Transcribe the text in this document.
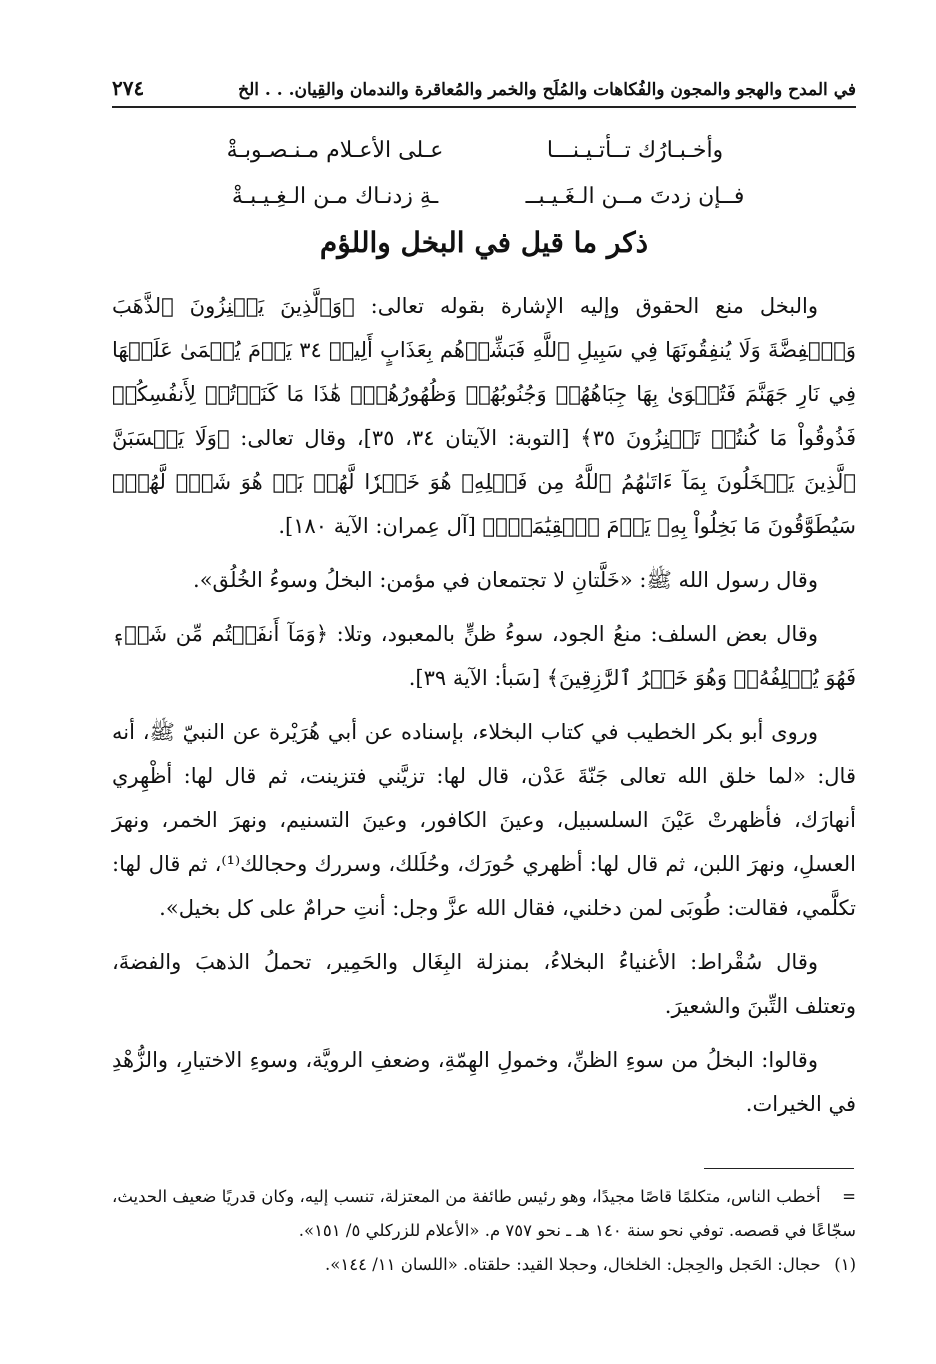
في المدح والهجو والمجون والفُكاهات والمُلَح والخمر والمُعاقرة والندمان والقِيان. . . الخ
٢٧٤
وأخـبـارُك تــأتـيـنـــا
عـلى الأعـلام مـنـصـوبـةْ
فــإن زدتَ مــن الـغَـيـبــ
ـةِ زدنـاك مـن الـغِـيـبـةْ
ذكر ما قيل في البخل واللؤم

والبخل منع الحقوق وإليه الإشارة بقوله تعالى: ﴿وَٱلَّذِينَ يَكۡنِزُونَ ٱلذَّهَبَ وَٱلۡفِضَّةَ وَلَا يُنفِقُونَهَا فِي سَبِيلِ ٱللَّهِ فَبَشِّرۡهُم بِعَذَابٍ أَلِيمٖ ٣٤ يَوۡمَ يُحۡمَىٰ عَلَيۡهَا فِي نَارِ جَهَنَّمَ فَتُكۡوَىٰ بِهَا جِبَاهُهُمۡ وَجُنُوبُهُمۡ وَظُهُورُهُمۡۖ هَٰذَا مَا كَنَزۡتُمۡ لِأَنفُسِكُمۡ فَذُوقُواْ مَا كُنتُمۡ تَكۡنِزُونَ ٣٥﴾ [التوبة: الآيتان ٣٤، ٣٥]، وقال تعالى: ﴿وَلَا يَحۡسَبَنَّ ٱلَّذِينَ يَبۡخَلُونَ بِمَآ ءَاتَىٰهُمُ ٱللَّهُ مِن فَضۡلِهِۦ هُوَ خَيۡرٗا لَّهُمۖ بَلۡ هُوَ شَرّٞ لَّهُمۡۖ سَيُطَوَّقُونَ مَا بَخِلُواْ بِهِۦ يَوۡمَ ٱلۡقِيَٰمَةِۗ﴾ [آل عِمران: الآية ١٨٠].

وقال رسول الله ﷺ: «خَلَّتانِ لا تجتمعان في مؤمن: البخلُ وسوءُ الخُلُق».

وقال بعض السلف: منعُ الجود، سوءُ ظنٍّ بالمعبود، وتلا: ﴿وَمَآ أَنفَقۡتُم مِّن شَيۡءٖ فَهُوَ يُخۡلِفُهُۥۖ وَهُوَ خَيۡرُ ٱلرَّٰزِقِينَ﴾ [سَبأ: الآية ٣٩].

وروى أبو بكر الخطيب في كتاب البخلاء، بإسناده عن أبي هُرَيْرة عن النبيّ ﷺ، أنه قال: «لما خلق الله تعالى جَنّةَ عَدْن، قال لها: تزيَّني فتزينت، ثم قال لها: أظْهِري أنهارَك، فأظهرتْ عَيْنَ السلسبيل، وعينَ الكافور، وعينَ التسنيم، ونهرَ الخمر، ونهرَ العسلِ، ونهرَ اللبن، ثم قال لها: أظهري حُورَك، وحُلَلك، وسررك وحجالك⁽¹⁾، ثم قال لها: تكلَّمي، فقالت: طُوبَى لمن دخلني، فقال الله عزَّ وجل: أنتِ حرامٌ على كل بخيل».

وقال سُقْراط: الأغنياءُ البخلاءُ، بمنزلة البِغَال والحَمِير، تحملُ الذهبَ والفضةَ، وتعتلف التِّبنَ والشعيرَ.

وقالوا: البخلُ من سوءِ الظنِّ، وخمولِ الهِمّةِ، وضعفِ الرويَّة، وسوءِ الاختيارِ، والزُّهْدِ في الخيرات.

= أخطب الناس، متكلمًا قاصًا مجيدًا، وهو رئيس طائفة من المعتزلة، تنسب إليه، وكان قدريًا ضعيف الحديث، سجّاعًا في قصصه. توفي نحو سنة ١٤٠ هـ ـ نحو ٧٥٧ م. «الأعلام للزركلي ٥/ ١٥١».

(١) حجال: الحَجل والحِجل: الخلخال، وحجلا القيد: حلقتاه. «اللسان ١١/ ١٤٤».
